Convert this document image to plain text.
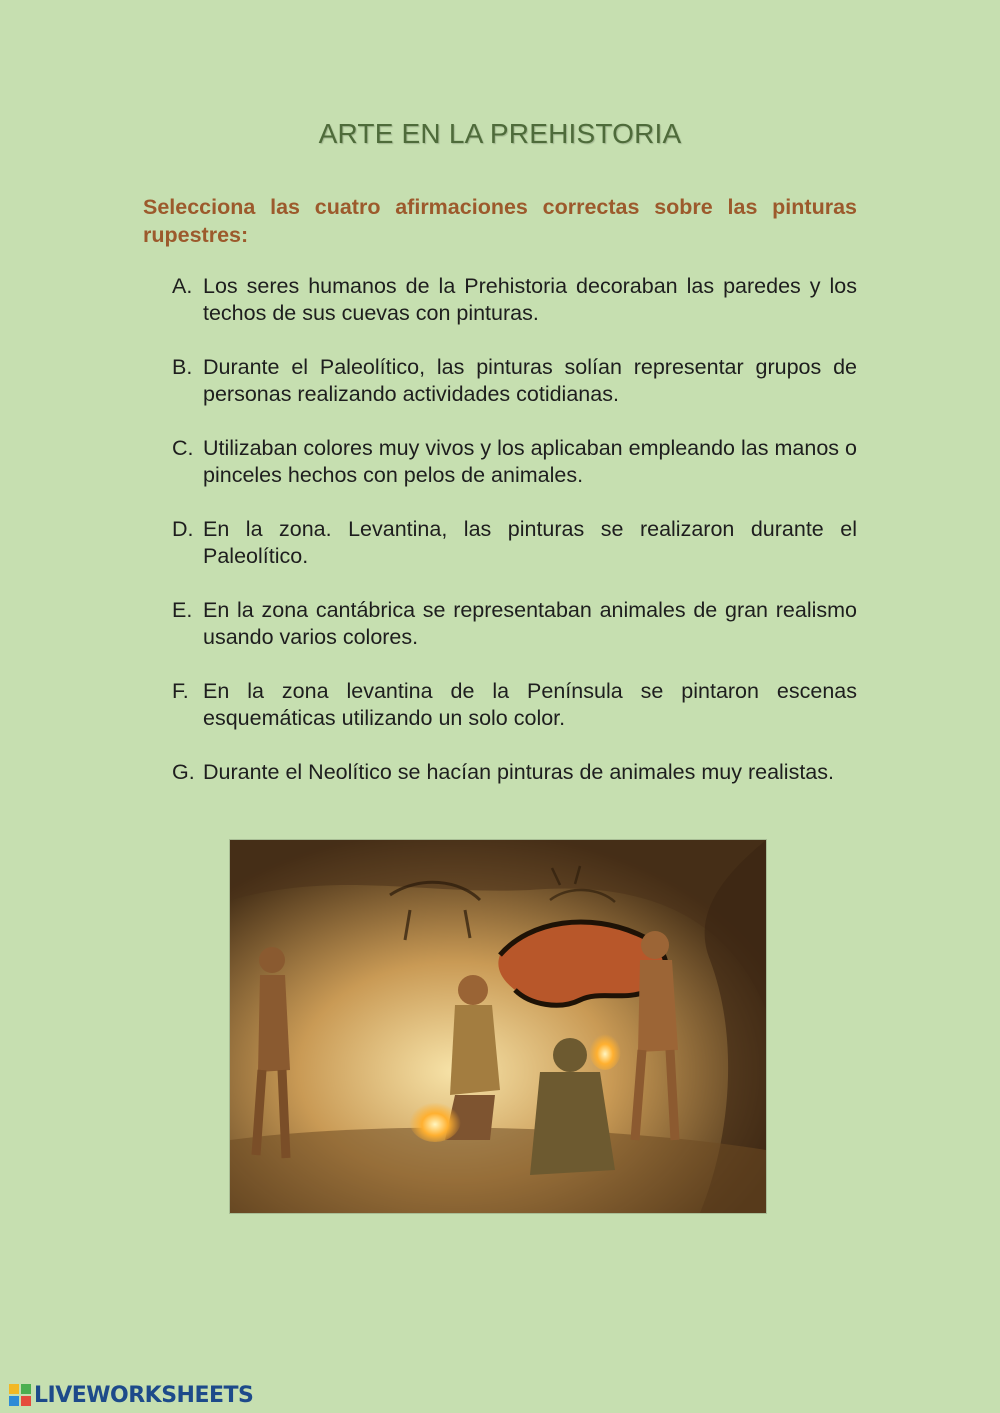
ARTE EN LA PREHISTORIA
Selecciona las cuatro afirmaciones correctas sobre las pinturas rupestres:
A. Los seres humanos de la Prehistoria decoraban las paredes y los techos de sus cuevas con pinturas.
B. Durante el Paleolítico, las pinturas solían representar grupos de personas realizando actividades cotidianas.
C. Utilizaban colores muy vivos y los aplicaban empleando las manos o pinceles hechos con pelos de animales.
D. En la zona. Levantina, las pinturas se realizaron durante el Paleolítico.
E. En la zona cantábrica se representaban animales de gran realismo usando varios colores.
F. En la zona levantina de la Península se pintaron escenas esquemáticas utilizando un solo color.
G. Durante el Neolítico se hacían pinturas de animales muy realistas.
LIVEWORKSHEETS
